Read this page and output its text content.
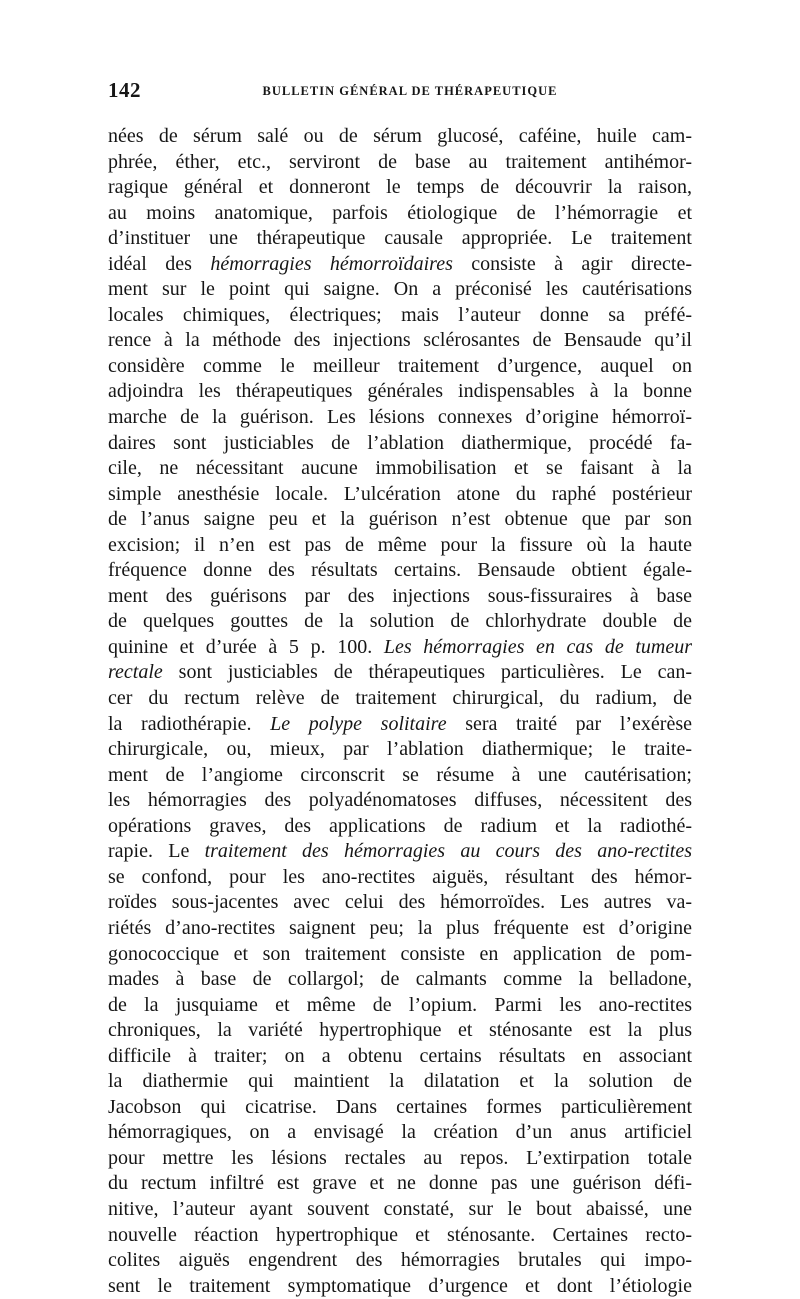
142	BULLETIN GÉNÉRAL DE THÉRAPEUTIQUE
nées de sérum salé ou de sérum glucosé, caféine, huile cam-
phrée, éther, etc., serviront de base au traitement antihémor-
ragique général et donneront le temps de découvrir la raison,
au moins anatomique, parfois étiologique de l’hémorragie et
d’instituer une thérapeutique causale appropriée. Le traitement
idéal des hémorragies hémorroïdaires consiste à agir directe-
ment sur le point qui saigne. On a préconisé les cautérisations
locales chimiques, électriques; mais l’auteur donne sa préfé-
rence à la méthode des injections sclérosantes de Bensaude qu’il
considère comme le meilleur traitement d’urgence, auquel on
adjoindra les thérapeutiques générales indispensables à la bonne
marche de la guérison. Les lésions connexes d’origine hémorroï-
daires sont justiciables de l’ablation diathermique, procédé fa-
cile, ne nécessitant aucune immobilisation et se faisant à la
simple anesthésie locale. L’ulcération atone du raphé postérieur
de l’anus saigne peu et la guérison n’est obtenue que par son
excision; il n’en est pas de même pour la fissure où la haute
fréquence donne des résultats certains. Bensaude obtient égale-
ment des guérisons par des injections sous-fissuraires à base
de quelques gouttes de la solution de chlorhydrate double de
quinine et d’urée à 5 p. 100. Les hémorragies en cas de tumeur
rectale sont justiciables de thérapeutiques particulières. Le can-
cer du rectum relève de traitement chirurgical, du radium, de
la radiothérapie. Le polype solitaire sera traité par l’exérèse
chirurgicale, ou, mieux, par l’ablation diathermique; le traite-
ment de l’angiome circonscrit se résume à une cautérisation;
les hémorragies des polyadénomatoses diffuses, nécessitent des
opérations graves, des applications de radium et la radiothé-
rapie. Le traitement des hémorragies au cours des ano-rectites
se confond, pour les ano-rectites aiguës, résultant des hémor-
roïdes sous-jacentes avec celui des hémorroïdes. Les autres va-
riétés d’ano-rectites saignent peu; la plus fréquente est d’origine
gonococcique et son traitement consiste en application de pom-
mades à base de collargol; de calmants comme la belladone,
de la jusquiame et même de l’opium. Parmi les ano-rectites
chroniques, la variété hypertrophique et sténosante est la plus
difficile à traiter; on a obtenu certains résultats en associant
la diathermie qui maintient la dilatation et la solution de
Jacobson qui cicatrise. Dans certaines formes particulièrement
hémorragiques, on a envisagé la création d’un anus artificiel
pour mettre les lésions rectales au repos. L’extirpation totale
du rectum infiltré est grave et ne donne pas une guérison défi-
nitive, l’auteur ayant souvent constaté, sur le bout abaissé, une
nouvelle réaction hypertrophique et sténosante. Certaines recto-
colites aiguës engendrent des hémorragies brutales qui impo-
sent le traitement symptomatique d’urgence et dont l’étiologie
